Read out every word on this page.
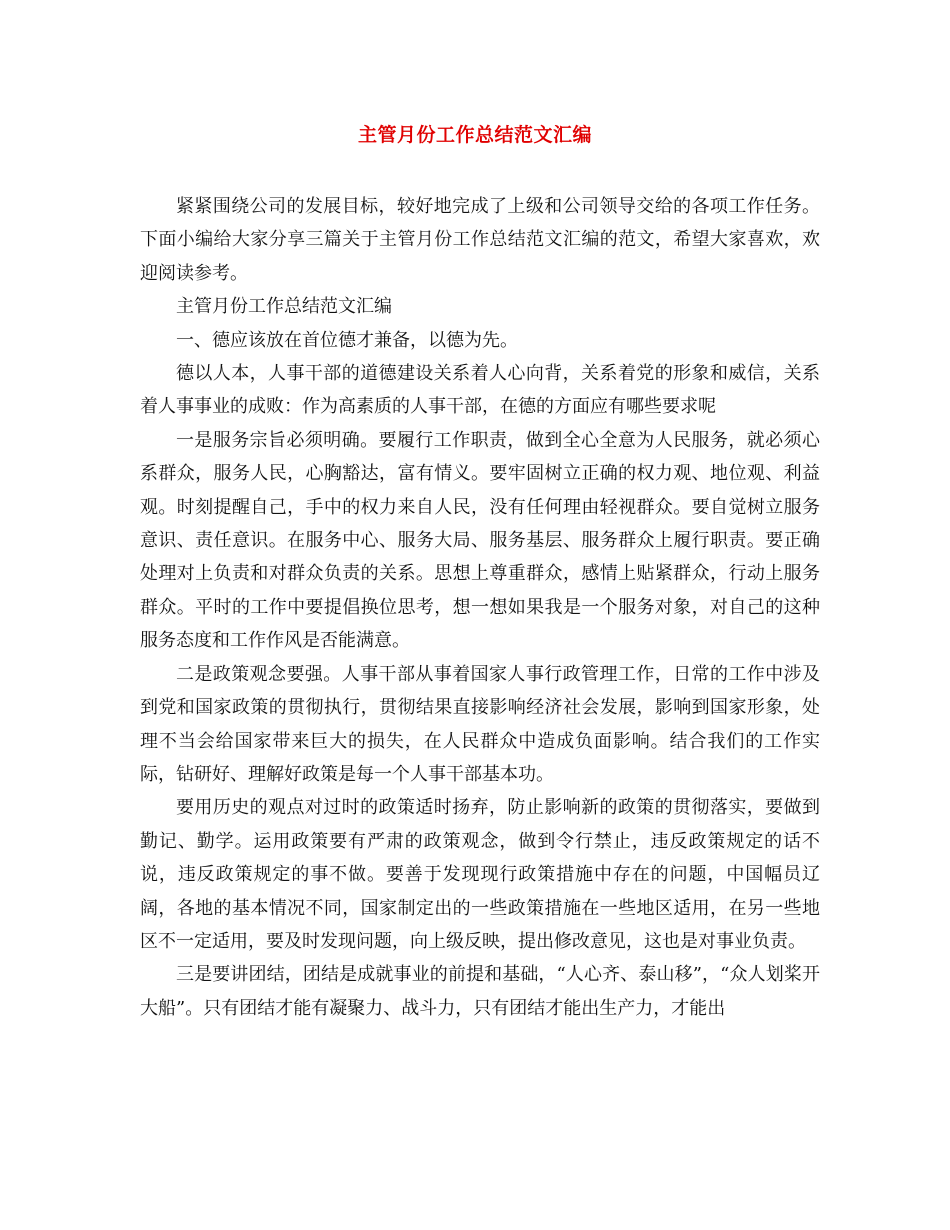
主管月份工作总结范文汇编

紧紧围绕公司的发展目标，较好地完成了上级和公司领导交给的各项工作任务。下面小编给大家分享三篇关于主管月份工作总结范文汇编的范文，希望大家喜欢，欢迎阅读参考。

主管月份工作总结范文汇编

一、德应该放在首位德才兼备，以德为先。

德以人本，人事干部的道德建设关系着人心向背，关系着党的形象和威信，关系着人事事业的成败：作为高素质的人事干部，在德的方面应有哪些要求呢

一是服务宗旨必须明确。要履行工作职责，做到全心全意为人民服务，就必须心系群众，服务人民，心胸豁达，富有情义。要牢固树立正确的权力观、地位观、利益观。时刻提醒自己，手中的权力来自人民，没有任何理由轻视群众。要自觉树立服务意识、责任意识。在服务中心、服务大局、服务基层、服务群众上履行职责。要正确处理对上负责和对群众负责的关系。思想上尊重群众，感情上贴紧群众，行动上服务群众。平时的工作中要提倡换位思考，想一想如果我是一个服务对象，对自己的这种服务态度和工作作风是否能满意。

二是政策观念要强。人事干部从事着国家人事行政管理工作，日常的工作中涉及到党和国家政策的贯彻执行，贯彻结果直接影响经济社会发展，影响到国家形象，处理不当会给国家带来巨大的损失，在人民群众中造成负面影响。结合我们的工作实际，钻研好、理解好政策是每一个人事干部基本功。

要用历史的观点对过时的政策适时扬弃，防止影响新的政策的贯彻落实，要做到勤记、勤学。运用政策要有严肃的政策观念，做到令行禁止，违反政策规定的话不说，违反政策规定的事不做。要善于发现现行政策措施中存在的问题，中国幅员辽阔，各地的基本情况不同，国家制定出的一些政策措施在一些地区适用，在另一些地区不一定适用，要及时发现问题，向上级反映，提出修改意见，这也是对事业负责。

三是要讲团结，团结是成就事业的前提和基础，“人心齐、泰山移”，“众人划桨开大船”。只有团结才能有凝聚力、战斗力，只有团结才能出生产力，才能出
